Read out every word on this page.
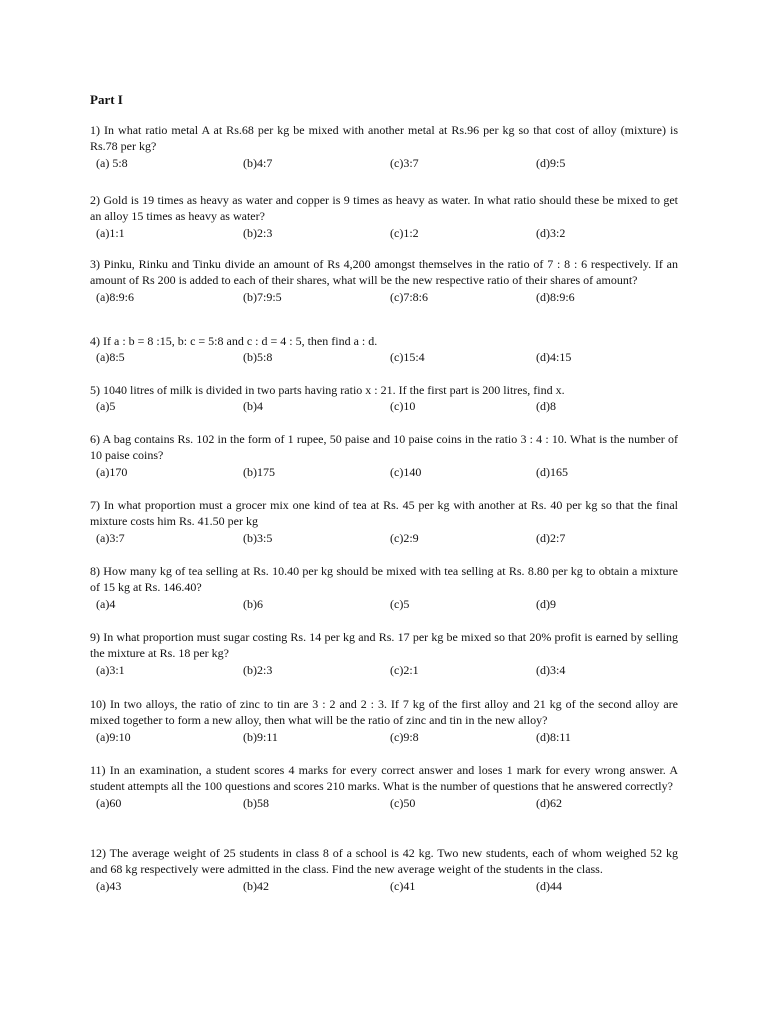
Part I
1) In what ratio metal A at Rs.68 per kg be mixed with another metal at Rs.96 per kg so that cost of alloy (mixture) is Rs.78 per kg?
(a) 5:8	(b)4:7	(c)3:7	(d)9:5
2) Gold is 19 times as heavy as water and copper is 9 times as heavy as water. In what ratio should these be mixed to get an alloy 15 times as heavy as water?
(a)1:1	(b)2:3	(c)1:2	(d)3:2
3) Pinku, Rinku and Tinku divide an amount of Rs 4,200 amongst themselves in the ratio of 7 : 8 : 6 respectively. If an amount of Rs 200 is added to each of their shares, what will be the new respective ratio of their shares of amount?
(a)8:9:6	(b)7:9:5	(c)7:8:6	(d)8:9:6
4) If a : b = 8 :15, b: c = 5:8 and c : d = 4 : 5, then find a : d.
(a)8:5	(b)5:8	(c)15:4	(d)4:15
5) 1040 litres of milk is divided in two parts having ratio x : 21. If the first part is 200 litres, find x.
(a)5	(b)4	(c)10	(d)8
6) A bag contains Rs. 102 in the form of 1 rupee, 50 paise and 10 paise coins in the ratio 3 : 4 : 10. What is the number of 10 paise coins?
(a)170	(b)175	(c)140	(d)165
7) In what proportion must a grocer mix one kind of tea at Rs. 45 per kg with another at Rs. 40 per kg so that the final mixture costs him Rs. 41.50 per kg
(a)3:7	(b)3:5	(c)2:9	(d)2:7
8) How many kg of tea selling at Rs. 10.40 per kg should be mixed with tea selling at Rs. 8.80 per kg to obtain a mixture of 15 kg at Rs. 146.40?
(a)4	(b)6	(c)5	(d)9
9) In what proportion must sugar costing Rs. 14 per kg and Rs. 17 per kg be mixed so that 20% profit is earned by selling the mixture at Rs. 18 per kg?
(a)3:1	(b)2:3	(c)2:1	(d)3:4
10) In two alloys, the ratio of zinc to tin are 3 : 2 and 2 : 3. If 7 kg of the first alloy and 21 kg of the second alloy are mixed together to form a new alloy, then what will be the ratio of zinc and tin in the new alloy?
(a)9:10	(b)9:11	(c)9:8	(d)8:11
11) In an examination, a student scores 4 marks for every correct answer and loses 1 mark for every wrong answer. A student attempts all the 100 questions and scores 210 marks. What is the number of questions that he answered correctly?
(a)60	(b)58	(c)50	(d)62
12) The average weight of 25 students in class 8 of a school is 42 kg. Two new students, each of whom weighed 52 kg and 68 kg respectively were admitted in the class. Find the new average weight of the students in the class.
(a)43	(b)42	(c)41	(d)44
